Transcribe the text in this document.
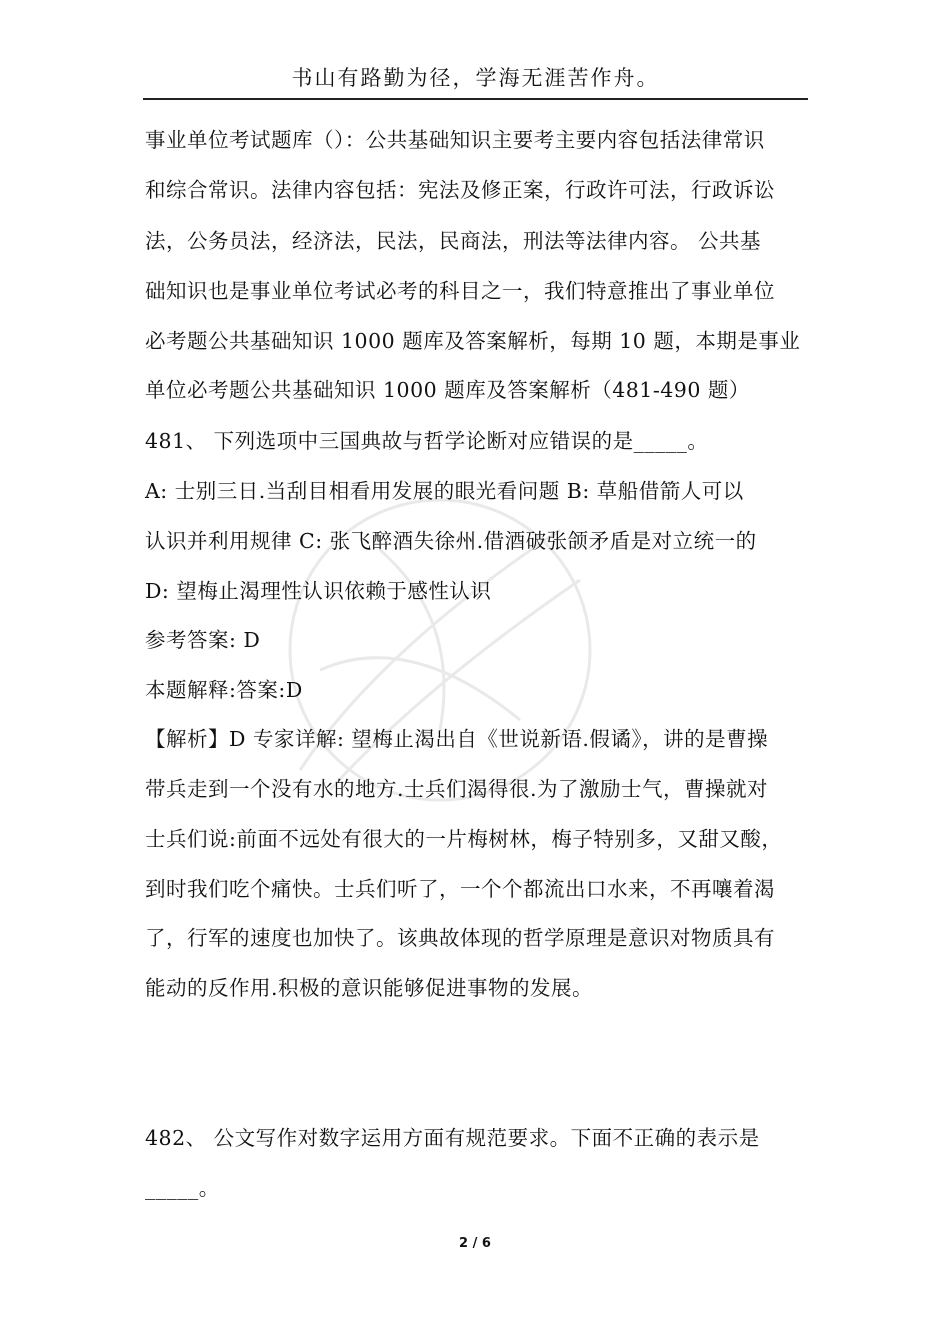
书山有路勤为径，学海无涯苦作舟。
事业单位考试题库（）：公共基础知识主要考主要内容包括法律常识
和综合常识。法律内容包括：宪法及修正案，行政许可法，行政诉讼
法，公务员法，经济法，民法，民商法，刑法等法律内容。 公共基
础知识也是事业单位考试必考的科目之一，我们特意推出了事业单位
必考题公共基础知识 1000 题库及答案解析，每期 10 题，本期是事业
单位必考题公共基础知识 1000 题库及答案解析（481-490 题）
481、 下列选项中三国典故与哲学论断对应错误的是_____。
A: 士别三日.当刮目相看用发展的眼光看问题 B: 草船借箭人可以
认识并利用规律 C: 张飞醉酒失徐州.借酒破张颌矛盾是对立统一的
D: 望梅止渴理性认识依赖于感性认识
参考答案: D
本题解释:答案:D
【解析】D 专家详解: 望梅止渴出自《世说新语.假谲》，讲的是曹操
带兵走到一个没有水的地方.士兵们渴得很.为了激励士气，曹操就对
士兵们说:前面不远处有很大的一片梅树林，梅子特别多，又甜又酸，
到时我们吃个痛快。士兵们听了，一个个都流出口水来，不再嚷着渴
了，行军的速度也加快了。该典故体现的哲学原理是意识对物质具有
能动的反作用.积极的意识能够促进事物的发展。
482、 公文写作对数字运用方面有规范要求。下面不正确的表示是
_____。
2 / 6
